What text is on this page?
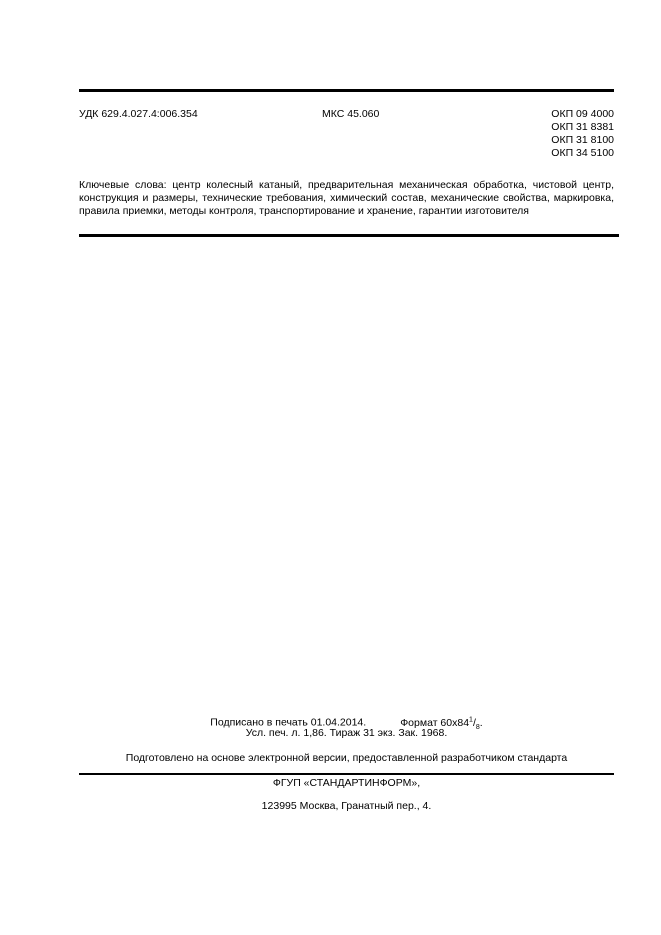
УДК 629.4.027.4:006.354	МКС 45.060	ОКП 09 4000
ОКП 31 8381
ОКП 31 8100
ОКП 34 5100
Ключевые слова: центр колесный катаный, предварительная механическая обработка, чистовой центр, конструкция и размеры, технические требования, химический состав, механические свойства, маркировка, правила приемки, методы контроля, транспортирование и хранение, гарантии изготовителя
Подписано в печать 01.04.2014.	Формат $60x84^1/_8$.
Усл. печ. л. 1,86. Тираж 31 экз. Зак. 1968.
Подготовлено на основе электронной версии, предоставленной разработчиком стандарта
ФГУП «СТАНДАРТИНФОРМ»,
123995 Москва, Гранатный пер., 4.
